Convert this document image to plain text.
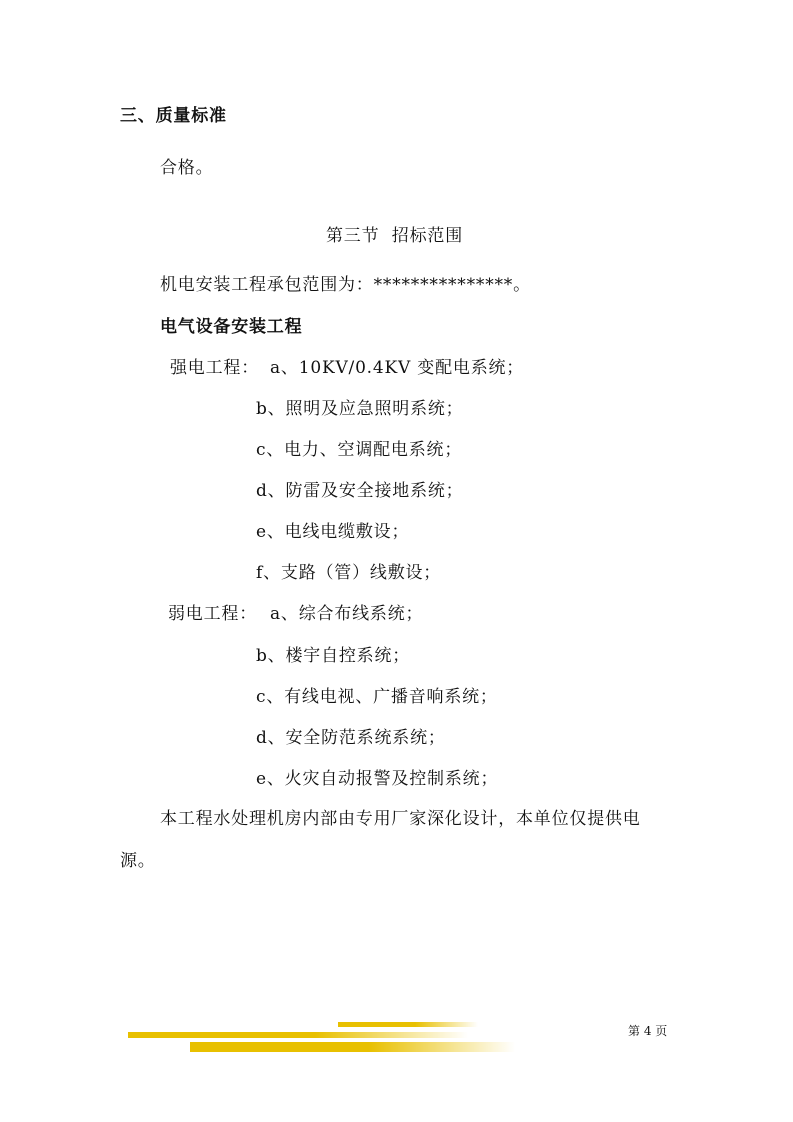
三、质量标准
合格。
第三节  招标范围
机电安装工程承包范围为：***************。
电气设备安装工程
强电工程： a、10KV/0.4KV 变配电系统；
b、照明及应急照明系统；
c、电力、空调配电系统；
d、防雷及安全接地系统；
e、电线电缆敷设；
f、支路（管）线敷设；
弱电工程： a、综合布线系统；
b、楼宇自控系统；
c、有线电视、广播音响系统；
d、安全防范系统系统；
e、火灾自动报警及控制系统；
本工程水处理机房内部由专用厂家深化设计，本单位仅提供电
源。
第 4 页
